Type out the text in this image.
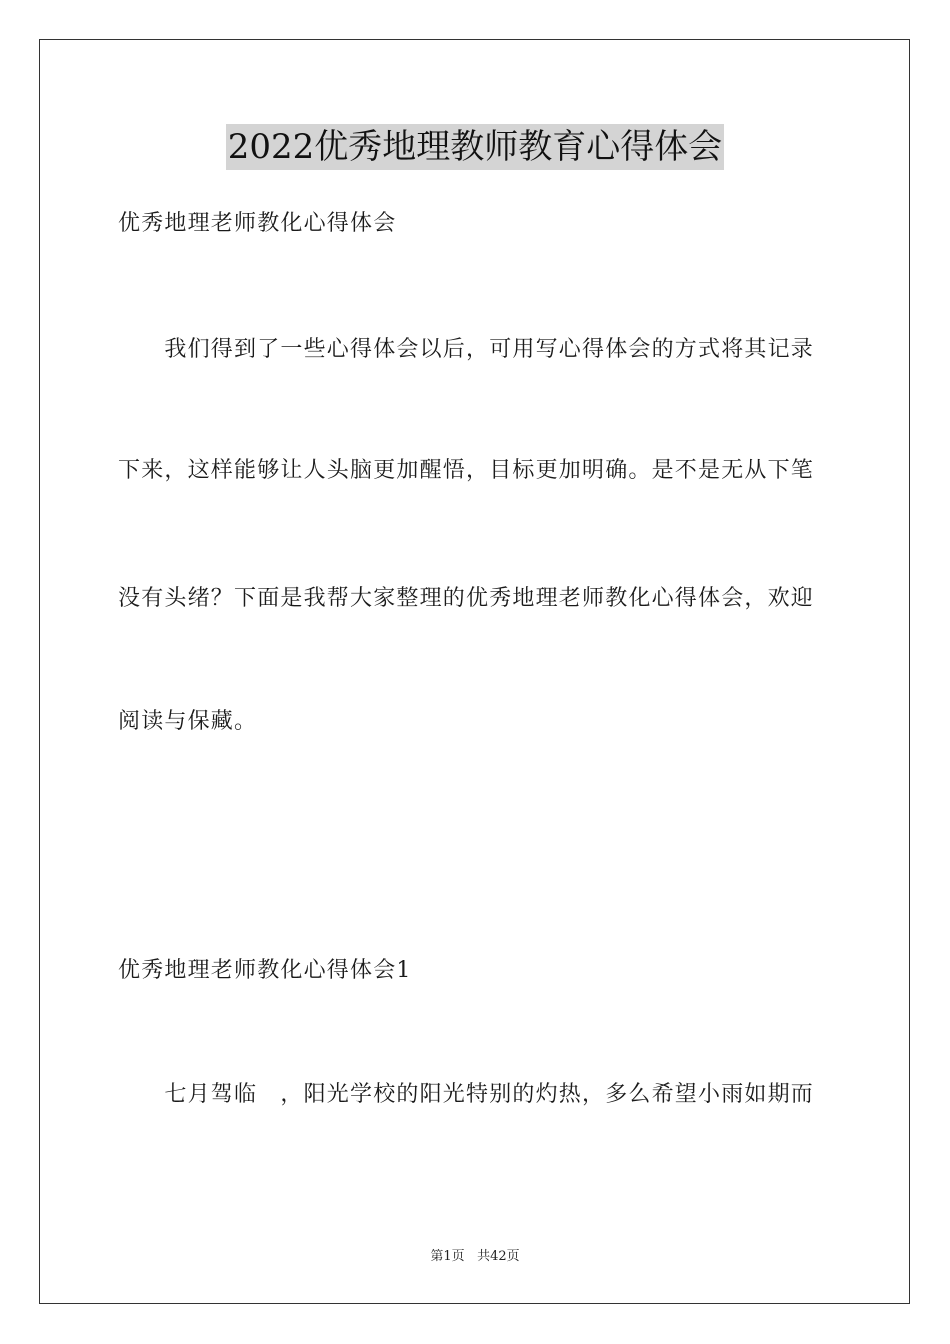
2022优秀地理教师教育心得体会
优秀地理老师教化心得体会
　　我们得到了一些心得体会以后，可用写心得体会的方式将其记录
下来，这样能够让人头脑更加醒悟，目标更加明确。是不是无从下笔
没有头绪？下面是我帮大家整理的优秀地理老师教化心得体会，欢迎
阅读与保藏。
优秀地理老师教化心得体会1
　　七月驾临　，阳光学校的阳光特别的灼热，多么希望小雨如期而
第1页 共42页
